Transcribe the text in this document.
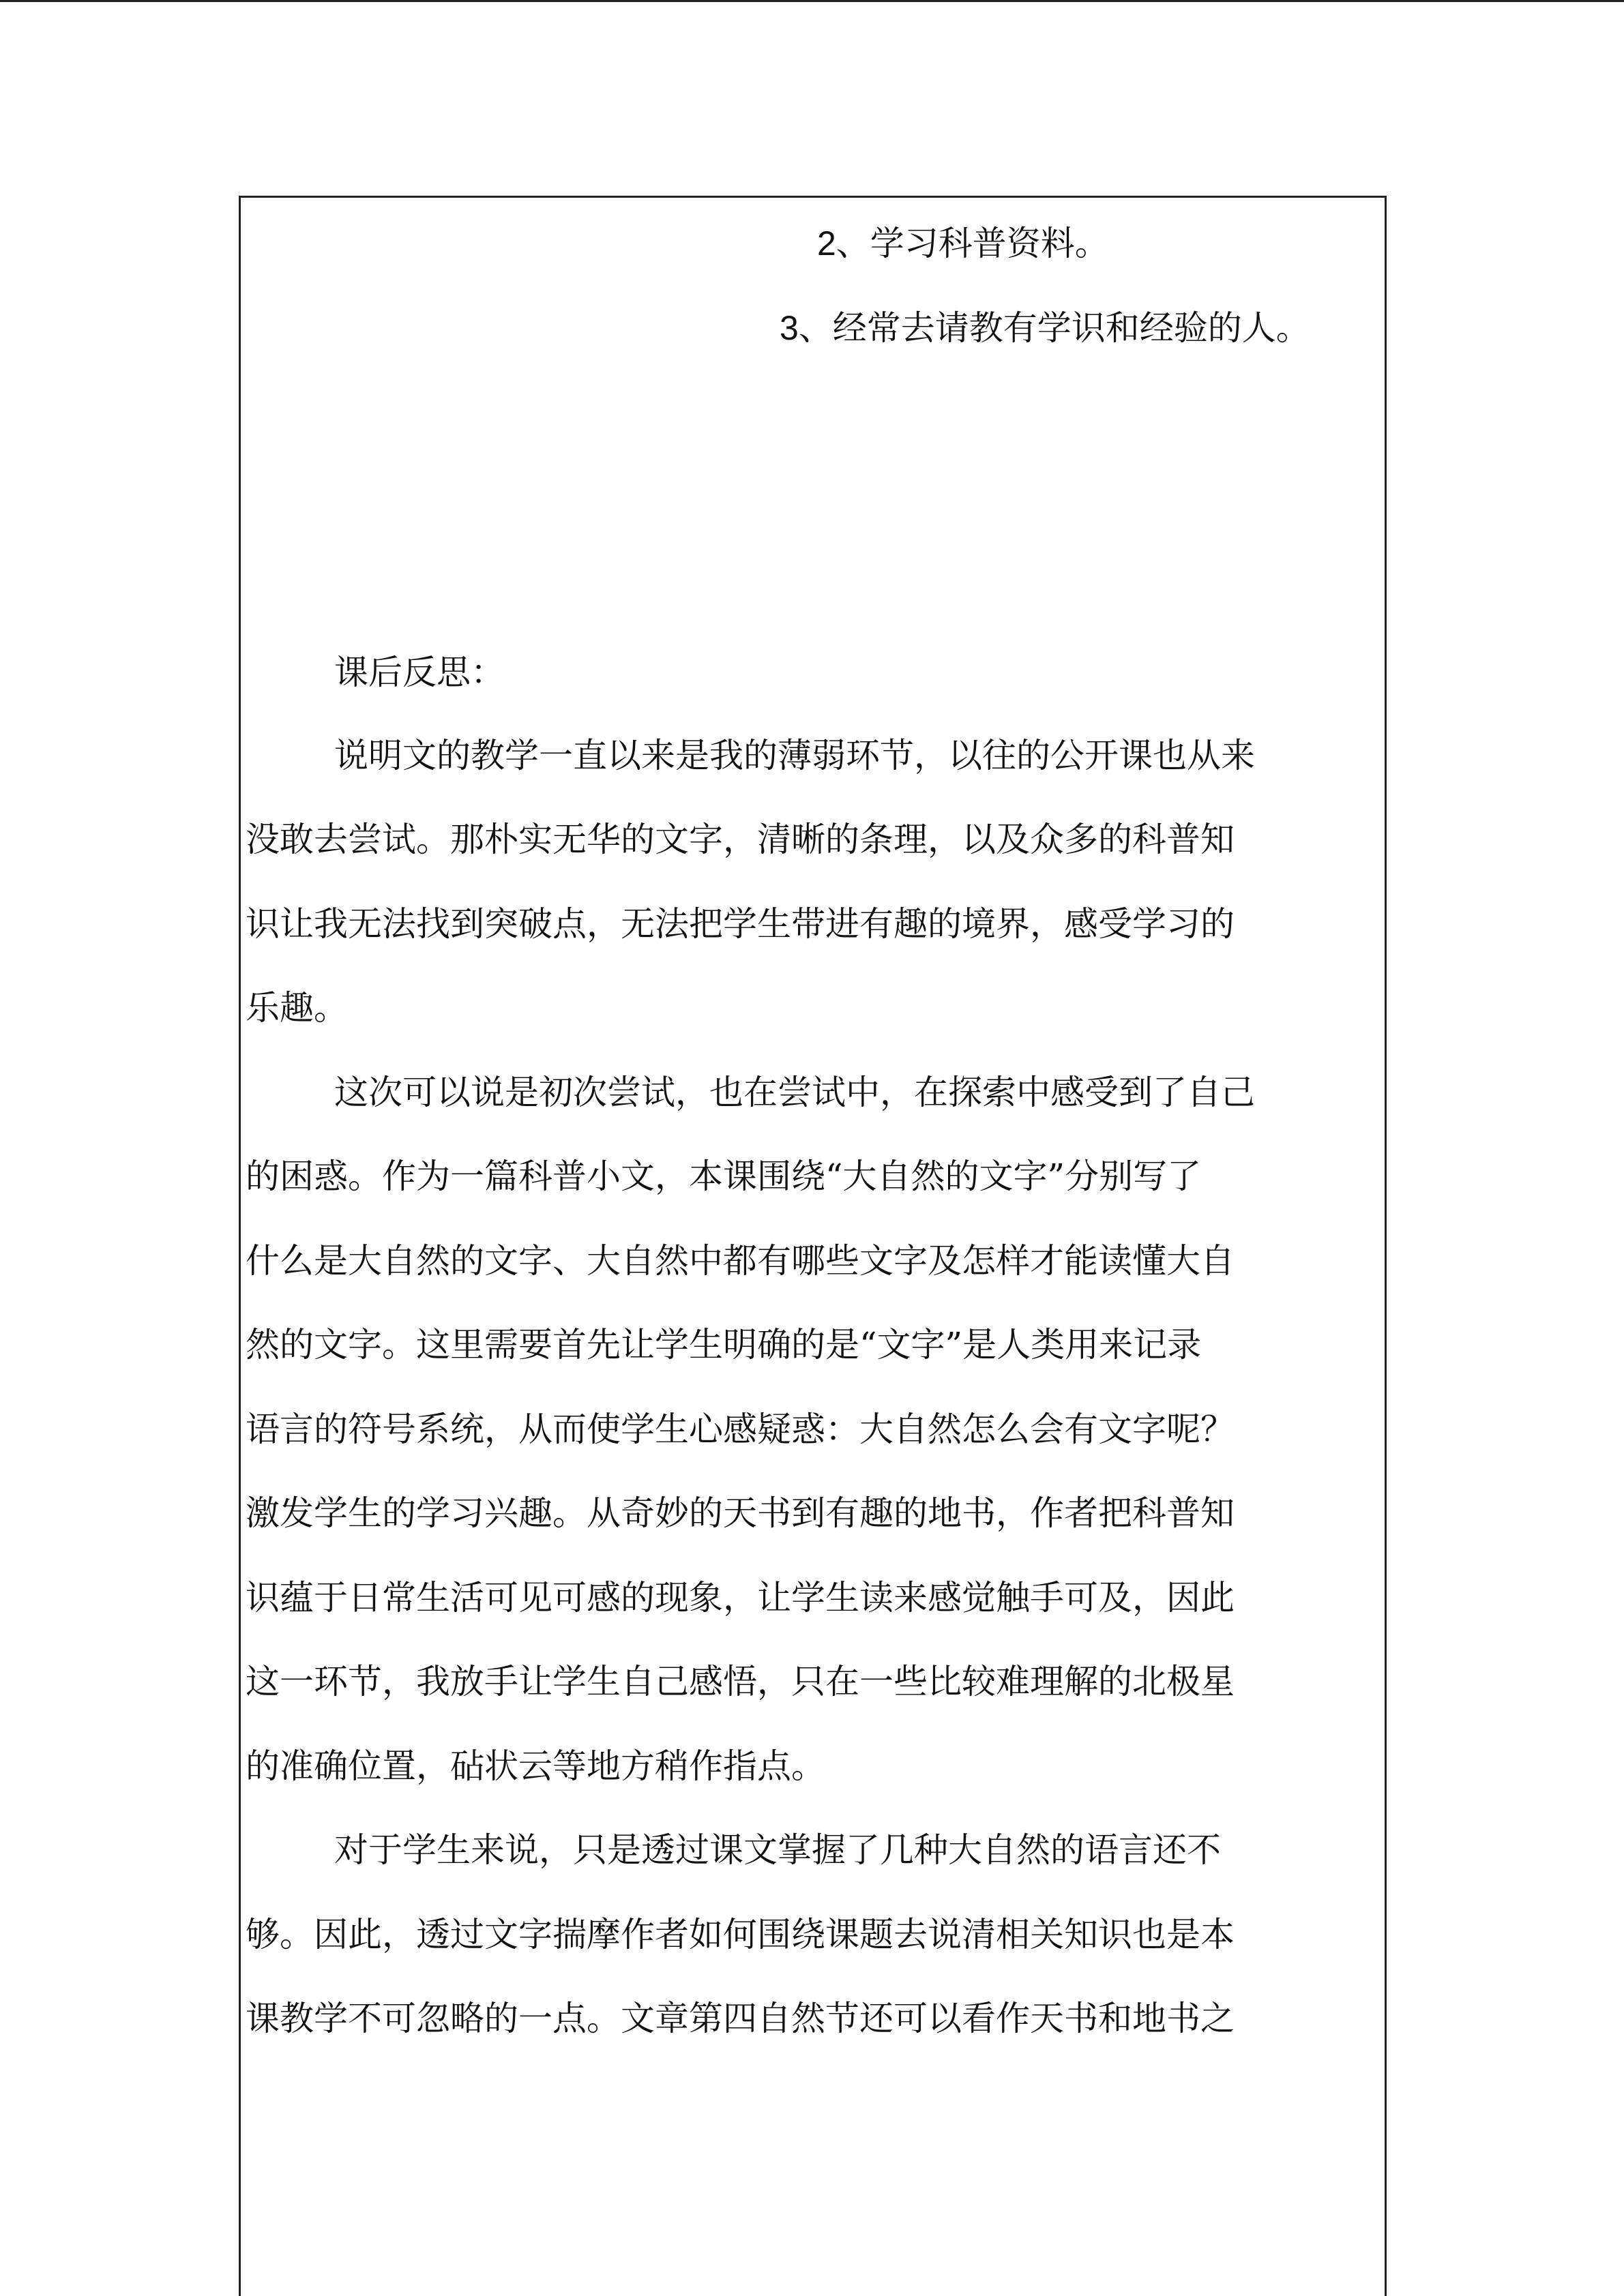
2、学习科普资料。
3、经常去请教有学识和经验的人。
课后反思：
说明文的教学一直以来是我的薄弱环节，以往的公开课也从来
没敢去尝试。那朴实无华的文字，清晰的条理，以及众多的科普知
识让我无法找到突破点，无法把学生带进有趣的境界，感受学习的
乐趣。
这次可以说是初次尝试，也在尝试中，在探索中感受到了自己
的困惑。作为一篇科普小文，本课围绕“大自然的文字”分别写了
什么是大自然的文字、大自然中都有哪些文字及怎样才能读懂大自
然的文字。这里需要首先让学生明确的是“文字”是人类用来记录
语言的符号系统，从而使学生心感疑惑：大自然怎么会有文字呢？
激发学生的学习兴趣。从奇妙的天书到有趣的地书，作者把科普知
识蕴于日常生活可见可感的现象，让学生读来感觉触手可及，因此
这一环节，我放手让学生自己感悟，只在一些比较难理解的北极星
的准确位置，砧状云等地方稍作指点。
对于学生来说，只是透过课文掌握了几种大自然的语言还不
够。因此，透过文字揣摩作者如何围绕课题去说清相关知识也是本
课教学不可忽略的一点。文章第四自然节还可以看作天书和地书之
